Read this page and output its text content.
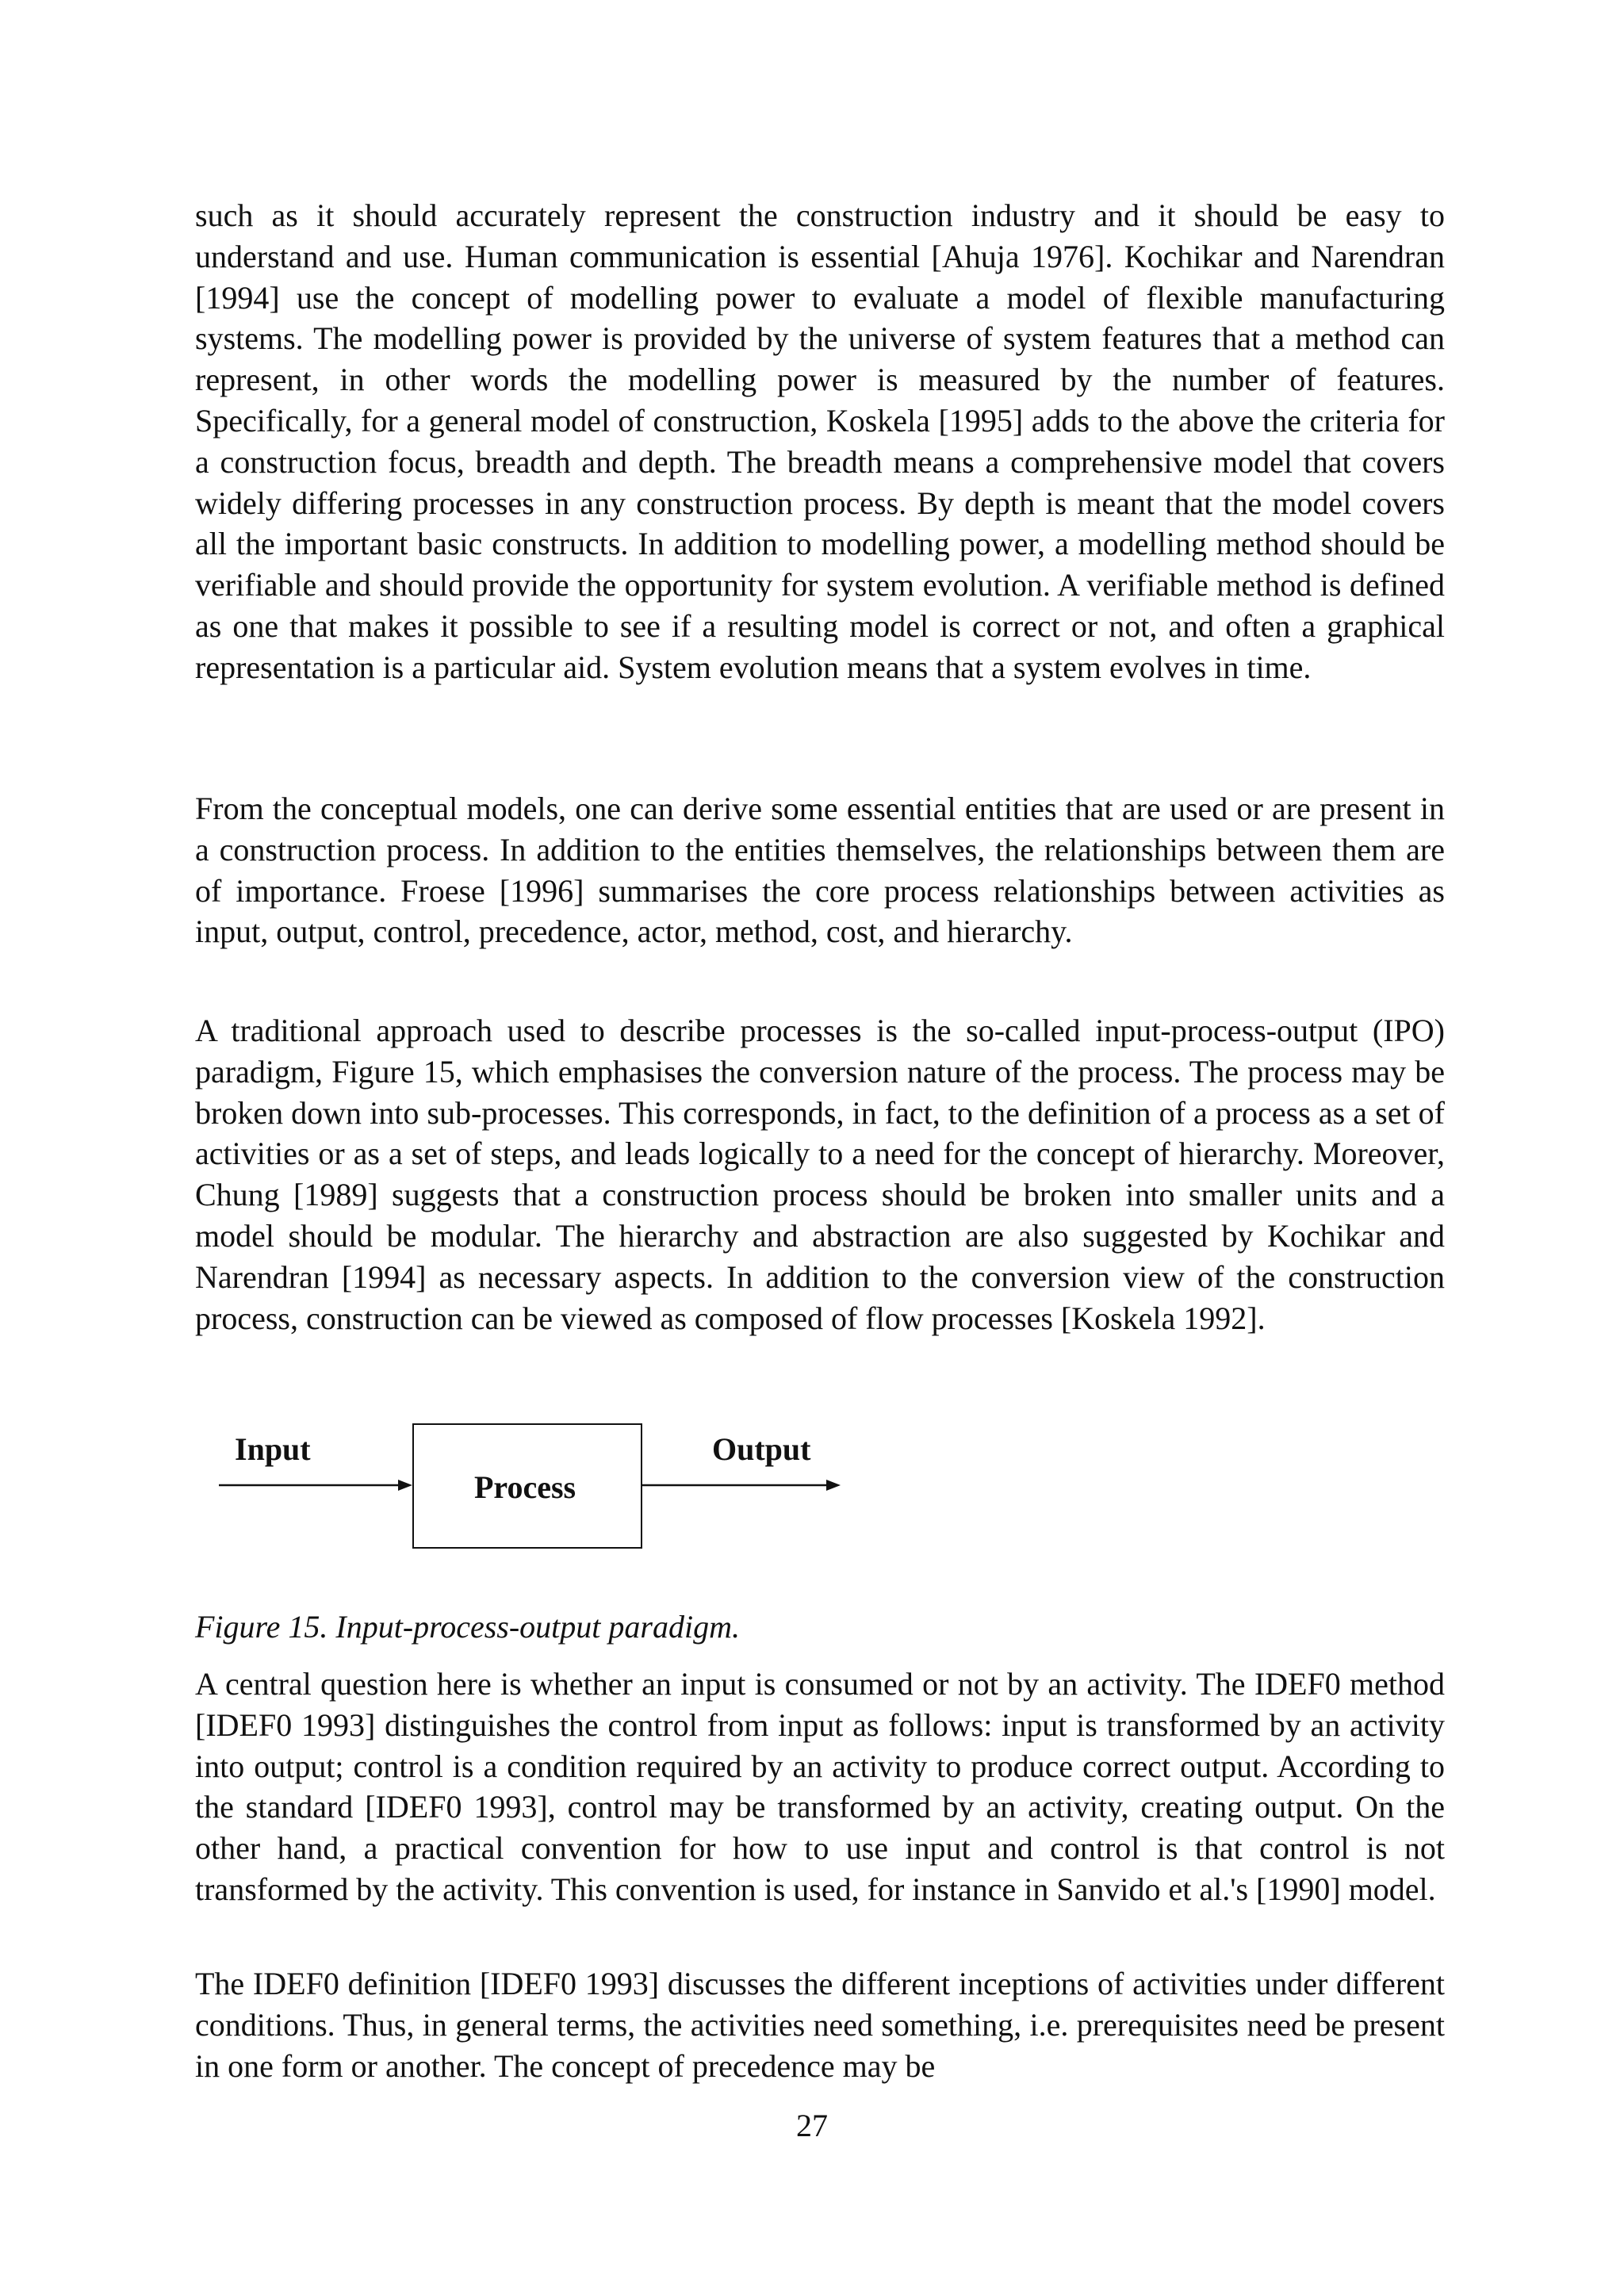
such as it should accurately represent the construction industry and it should be easy to understand and use. Human communication is essential [Ahuja 1976]. Kochikar and Narendran [1994] use the concept of modelling power to evaluate a model of flexible manufacturing systems. The modelling power is provided by the universe of system features that a method can represent, in other words the modelling power is measured by the number of features. Specifically, for a general model of construction, Koskela [1995] adds to the above the criteria for a construction focus, breadth and depth. The breadth means a comprehensive model that covers widely differing processes in any construction process. By depth is meant that the model covers all the important basic constructs. In addition to modelling power, a modelling method should be verifiable and should provide the opportunity for system evolution. A verifiable method is defined as one that makes it possible to see if a resulting model is correct or not, and often a graphical representation is a particular aid. System evolution means that a system evolves in time.

From the conceptual models, one can derive some essential entities that are used or are present in a construction process. In addition to the entities themselves, the relationships between them are of importance. Froese [1996] summarises the core process relationships between activities as input, output, control, precedence, actor, method, cost, and hierarchy.

A traditional approach used to describe processes is the so-called input-process-output (IPO) paradigm, Figure 15, which emphasises the conversion nature of the process. The process may be broken down into sub-processes. This corresponds, in fact, to the definition of a process as a set of activities or as a set of steps, and leads logically to a need for the concept of hierarchy. Moreover, Chung [1989] suggests that a construction process should be broken into smaller units and a model should be modular. The hierarchy and abstraction are also suggested by Kochikar and Narendran [1994] as necessary aspects. In addition to the conversion view of the construction process, construction can be viewed as composed of flow processes [Koskela 1992].

Input
Process
Output

Figure 15. Input-process-output paradigm.

A central question here is whether an input is consumed or not by an activity. The IDEF0 method [IDEF0 1993] distinguishes the control from input as follows: input is transformed by an activity into output; control is a condition required by an activity to produce correct output. According to the standard [IDEF0 1993], control may be transformed by an activity, creating output. On the other hand, a practical convention for how to use input and control is that control is not transformed by the activity. This convention is used, for instance in Sanvido et al.'s [1990] model.

The IDEF0 definition [IDEF0 1993] discusses the different inceptions of activities under different conditions. Thus, in general terms, the activities need something, i.e. prerequisites need be present in one form or another. The concept of precedence may be

27
